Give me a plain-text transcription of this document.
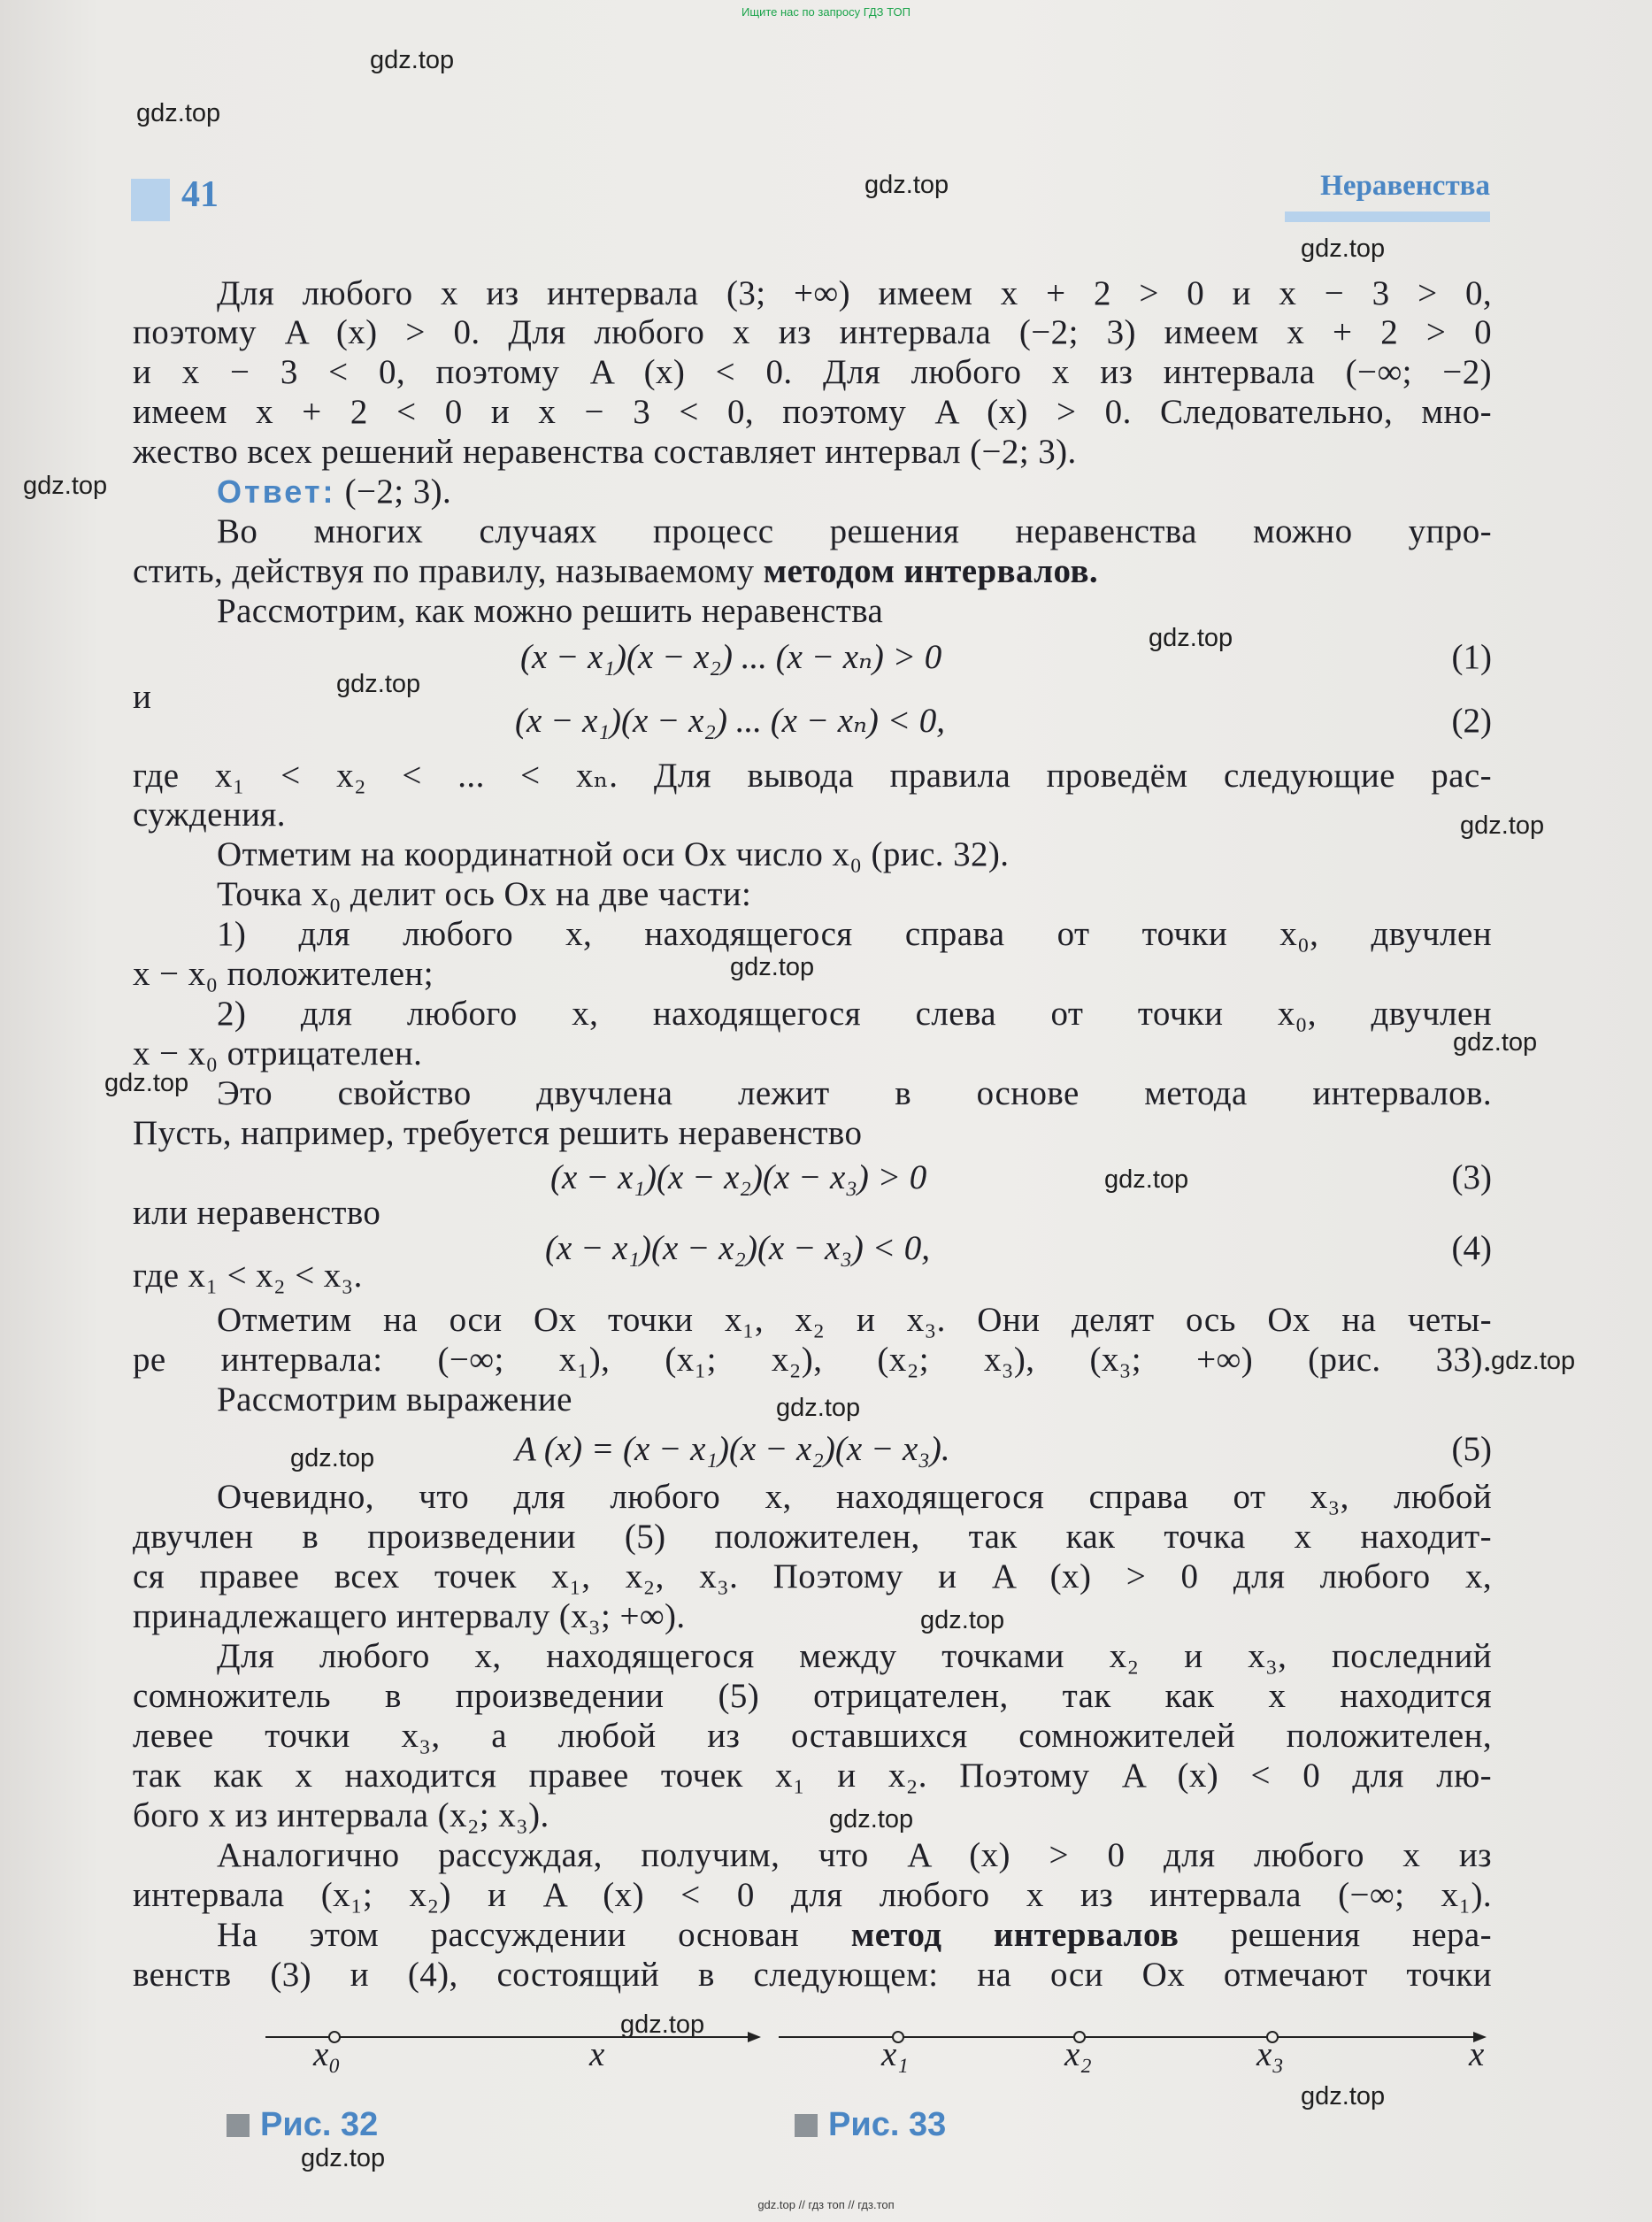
Ищите нас по запросу ГДЗ ТОП
41	Неравенства
gdz.top
gdz.top
gdz.top
gdz.top
gdz.top
gdz.top
gdz.top
gdz.top
gdz.top
gdz.top
gdz.top
gdz.top
gdz.top
gdz.top
gdz.top
gdz.top
gdz.top
gdz.top
gdz.top
gdz.top
Для любого x из интервала (3; +∞) имеем x + 2 > 0 и x − 3 > 0,
поэтому A (x) > 0. Для любого x из интервала (−2; 3) имеем x + 2 > 0
и x − 3 < 0, поэтому A (x) < 0. Для любого x из интервала (−∞; −2)
имеем x + 2 < 0 и x − 3 < 0, поэтому A (x) > 0. Следовательно, мно-
жество всех решений неравенства составляет интервал (−2; 3).
Ответ: (−2; 3).
Во многих случаях процесс решения неравенства можно упро-
стить, действуя по правилу, называемому методом интервалов.
Рассмотрим, как можно решить неравенства
(x − x₁)(x − x₂) ... (x − xₙ) > 0	(1)
и
(x − x₁)(x − x₂) ... (x − xₙ) < 0,	(2)
где x₁ < x₂ < ... < xₙ. Для вывода правила проведём следующие рас-
суждения.
Отметим на координатной оси Ox число x₀ (рис. 32).
Точка x₀ делит ось Ox на две части:
1) для любого x, находящегося справа от точки x₀, двучлен
x − x₀ положителен;
2) для любого x, находящегося слева от точки x₀, двучлен
x − x₀ отрицателен.
Это свойство двучлена лежит в основе метода интервалов.
Пусть, например, требуется решить неравенство
(x − x₁)(x − x₂)(x − x₃) > 0	(3)
или неравенство
(x − x₁)(x − x₂)(x − x₃) < 0,	(4)
где x₁ < x₂ < x₃.
Отметим на оси Ox точки x₁, x₂ и x₃. Они делят ось Ox на четы-
ре интервала: (−∞; x₁), (x₁; x₂), (x₂; x₃), (x₃; +∞) (рис. 33).
Рассмотрим выражение
A (x) = (x − x₁)(x − x₂)(x − x₃).	(5)
Очевидно, что для любого x, находящегося справа от x₃, любой
двучлен в произведении (5) положителен, так как точка x находит-
ся правее всех точек x₁, x₂, x₃. Поэтому и A (x) > 0 для любого x,
принадлежащего интервалу (x₃; +∞).
Для любого x, находящегося между точками x₂ и x₃, последний
сомножитель в произведении (5) отрицателен, так как x находится
левее точки x₃, а любой из оставшихся сомножителей положителен,
так как x находится правее точек x₁ и x₂. Поэтому A (x) < 0 для лю-
бого x из интервала (x₂; x₃).
Аналогично рассуждая, получим, что A (x) > 0 для любого x из
интервала (x₁; x₂) и A (x) < 0 для любого x из интервала (−∞; x₁).
На этом рассуждении основан метод интервалов решения нера-
венств (3) и (4), состоящий в следующем: на оси Ox отмечают точки
x₀	x
Рис. 32
x₁	x₂	x₃	x
Рис. 33
gdz.top // гдз топ // гдз.топ
